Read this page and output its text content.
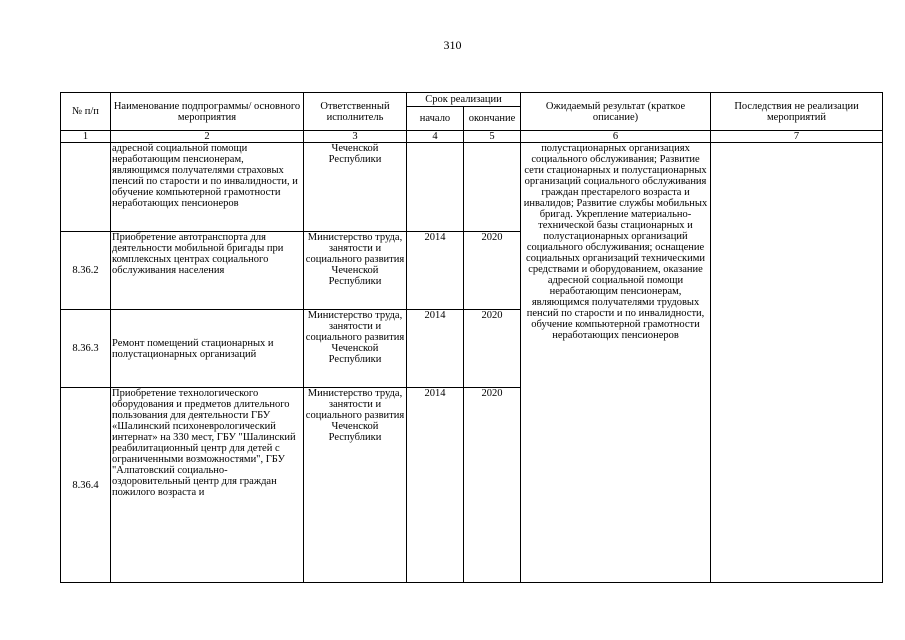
310
№ п/п	Наименование подпрограммы/ основного мероприятия	Ответственный исполнитель	Срок реализации		Ожидаемый результат (краткое описание)	Последствия не реализации мероприятий
			начало	окончание		
1	2	3	4	5	6	7
	адресной социальной помощи неработающим пенсионерам, являющимся получателями страховых пенсий по старости и по инвалидности, и обучение компьютерной грамотности неработающих пенсионеров	Чеченской Республики			полустационарных организациях социального обслуживания; Развитие сети стационарных и полустационарных организаций социального обслуживания граждан престарелого возраста и инвалидов; Развитие службы мобильных бригад. Укрепление материально-технической базы стационарных и полустационарных организаций социального обслуживания; оснащение социальных организаций техническими средствами и оборудованием, оказание адресной социальной помощи неработающим пенсионерам, являющимся получателями трудовых пенсий по старости и по инвалидности, обучение компьютерной грамотности неработающих пенсионеров	
8.36.2	Приобретение автотранспорта для деятельности мобильной бригады при комплексных центрах социального обслуживания населения	Министерство труда, занятости и социального развития Чеченской Республики	2014	2020		
8.36.3	Ремонт помещений стационарных и полустационарных организаций	Министерство труда, занятости и социального развития Чеченской Республики	2014	2020		
8.36.4	Приобретение технологического оборудования и предметов длительного пользования для деятельности ГБУ «Шалинский психоневрологический интернат» на 330 мест, ГБУ "Шалинский реабилитационный центр для детей с ограниченными возможностями", ГБУ "Алпатовский социально-оздоровительный центр для граждан пожилого возраста и	Министерство труда, занятости и социального развития Чеченской Республики	2014	2020		
